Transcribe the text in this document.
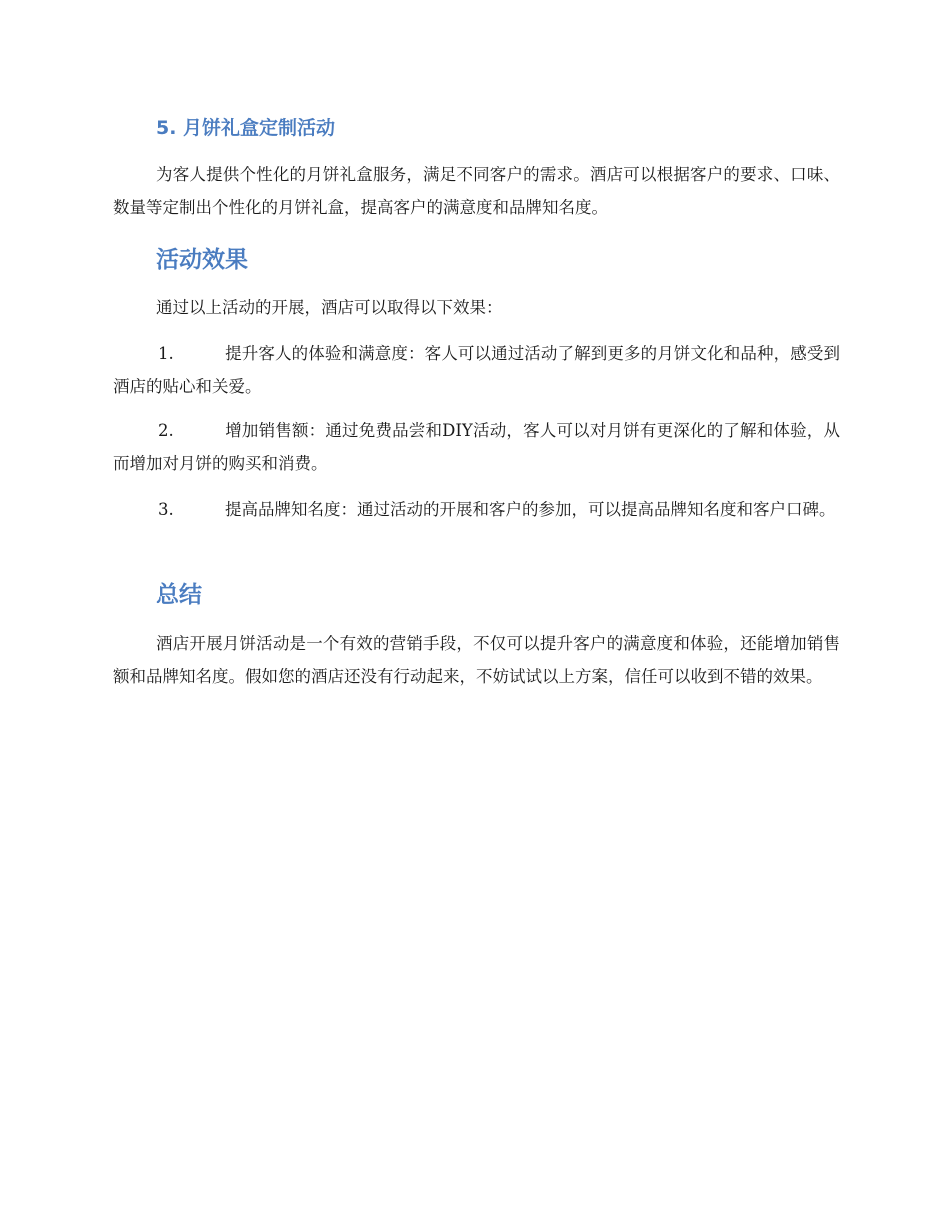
5. 月饼礼盒定制活动

为客人提供个性化的月饼礼盒服务，满足不同客户的需求。酒店可以根据客户的要求、口味、数量等定制出个性化的月饼礼盒，提高客户的满意度和品牌知名度。

活动效果

通过以上活动的开展，酒店可以取得以下效果：

1.	提升客人的体验和满意度：客人可以通过活动了解到更多的月饼文化和品种，感受到酒店的贴心和关爱。

2.	增加销售额：通过免费品尝和DIY活动，客人可以对月饼有更深化的了解和体验，从而增加对月饼的购买和消费。

3.	提高品牌知名度：通过活动的开展和客户的参加，可以提高品牌知名度和客户口碑。

总结

酒店开展月饼活动是一个有效的营销手段，不仅可以提升客户的满意度和体验，还能增加销售额和品牌知名度。假如您的酒店还没有行动起来，不妨试试以上方案，信任可以收到不错的效果。
